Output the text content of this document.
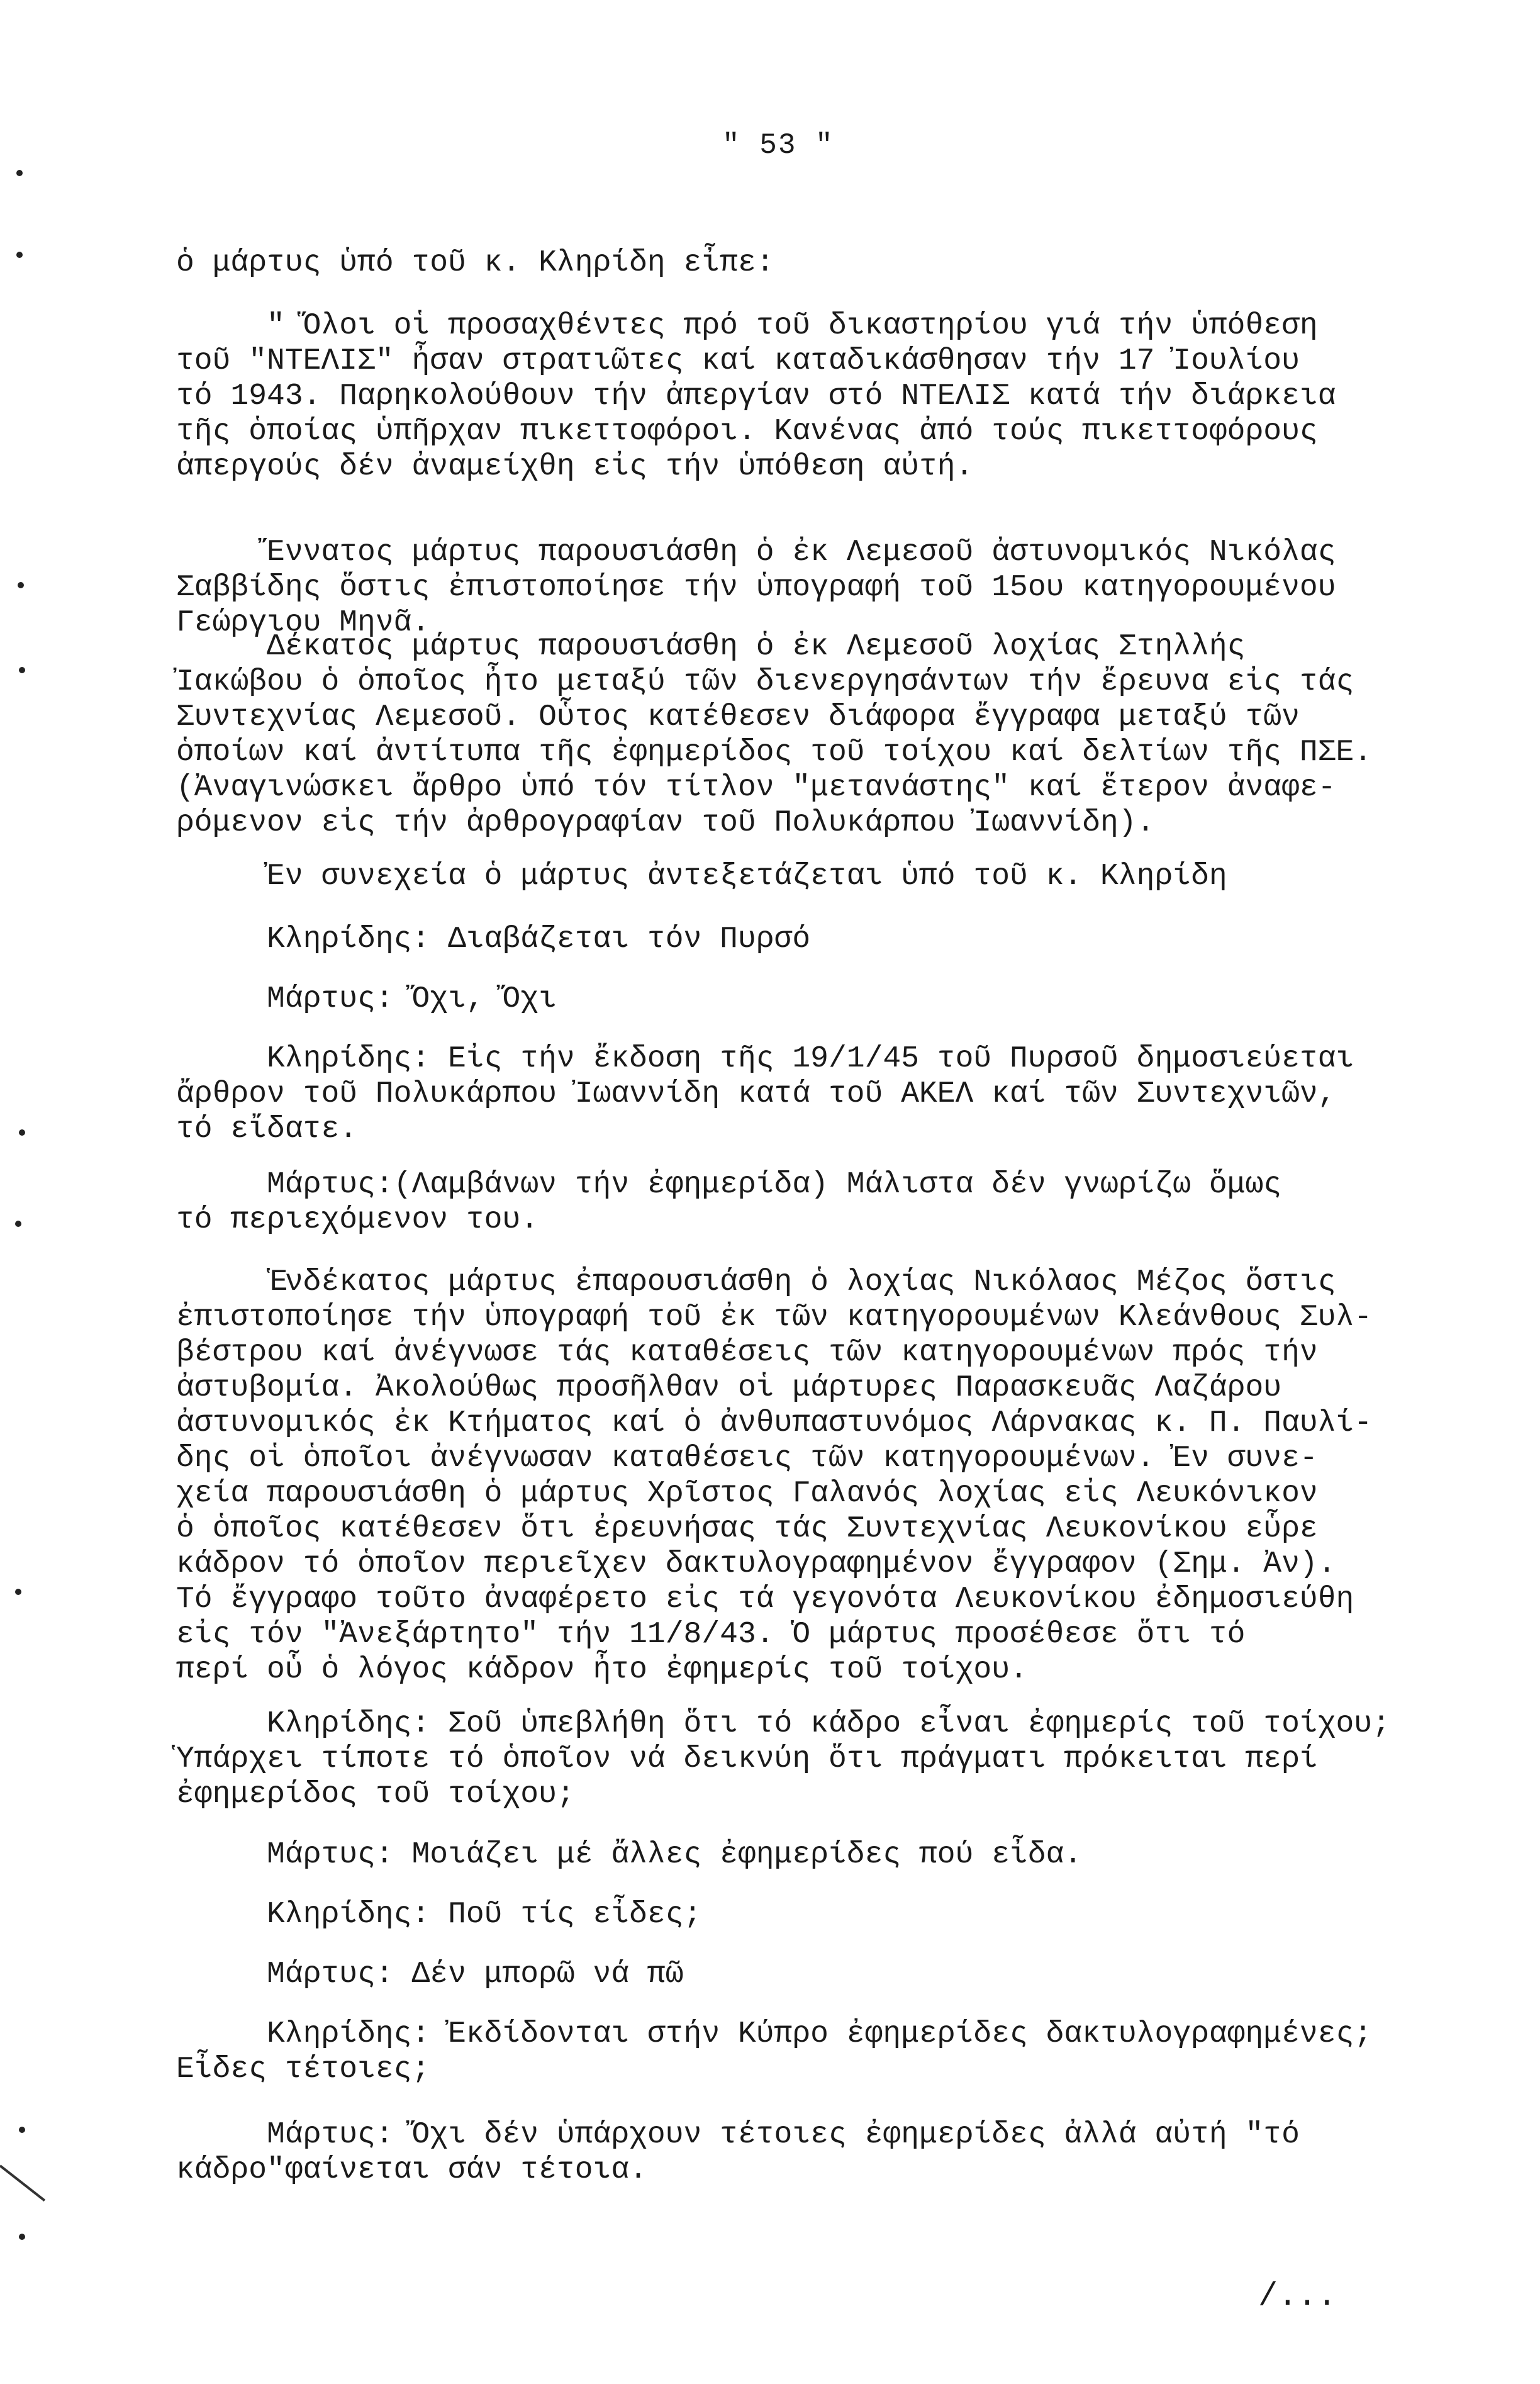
" 53 "
ὁ μάρτυς ὑπό τοῦ κ. Κληρίδη εἶπε:
" Ὅλοι οἱ προσαχθέντες πρό τοῦ δικαστηρίου γιά τήν ὑπόθεση
τοῦ "ΝΤΕΛΙΣ" ἦσαν στρατιῶτες καί καταδικάσθησαν τήν 17 Ἰουλίου
τό 1943. Παρηκολούθουν τήν ἀπεργίαν στό ΝΤΕΛΙΣ κατά τήν διάρκεια
τῆς ὁποίας ὑπῆρχαν πικεττοφόροι. Κανένας ἀπό τούς πικεττοφόρους
ἀπεργούς δέν ἀναμείχθη εἰς τήν ὑπόθεση αὐτή.
Ἔννατος μάρτυς παρουσιάσθη ὁ ἐκ Λεμεσοῦ ἀστυνομικός Νικόλας
Σαββίδης ὅστις ἐπιστοποίησε τήν ὑπογραφή τοῦ 15ου κατηγορουμένου
Γεώργιου Μηνᾶ.
Δέκατος μάρτυς παρουσιάσθη ὁ ἐκ Λεμεσοῦ λοχίας Στηλλής
Ἰακώβου ὁ ὁποῖος ἦτο μεταξύ τῶν διενεργησάντων τήν ἔρευνα εἰς τάς
Συντεχνίας Λεμεσοῦ. Οὗτος κατέθεσεν διάφορα ἔγγραφα μεταξύ τῶν
ὁποίων καί ἀντίτυπα τῆς ἐφημερίδος τοῦ τοίχου καί δελτίων τῆς ΠΣΕ.
(Ἀναγινώσκει ἄρθρο ὑπό τόν τίτλον "μετανάστης" καί ἕτερον ἀναφε-
ρόμενον εἰς τήν ἀρθρογραφίαν τοῦ Πολυκάρπου Ἰωαννίδη).
Ἐν συνεχεία ὁ μάρτυς ἀντεξετάζεται ὑπό τοῦ κ. Κληρίδη
Κληρίδης: Διαβάζεται τόν Πυρσό
Μάρτυς: Ὄχι, Ὄχι
Κληρίδης: Εἰς τήν ἔκδοση τῆς 19/1/45 τοῦ Πυρσοῦ δημοσιεύεται
ἄρθρον τοῦ Πολυκάρπου Ἰωαννίδη κατά τοῦ ΑΚΕΛ καί τῶν Συντεχνιῶν,
τό εἴδατε.
Μάρτυς:(Λαμβάνων τήν ἐφημερίδα) Μάλιστα δέν γνωρίζω ὅμως
τό περιεχόμενον του.
Ἑνδέκατος μάρτυς ἐπαρουσιάσθη ὁ λοχίας Νικόλαος Μέζος ὅστις
ἐπιστοποίησε τήν ὑπογραφή τοῦ ἐκ τῶν κατηγορουμένων Κλεάνθους Συλ-
βέστρου καί ἀνέγνωσε τάς καταθέσεις τῶν κατηγορουμένων πρός τήν
ἀστυβομία. Ἀκολούθως προσῆλθαν οἱ μάρτυρες Παρασκευᾶς Λαζάρου
ἀστυνομικός ἐκ Κτήματος καί ὁ ἀνθυπαστυνόμος Λάρνακας κ. Π. Παυλί-
δης οἱ ὁποῖοι ἀνέγνωσαν καταθέσεις τῶν κατηγορουμένων. Ἐν συνε-
χεία παρουσιάσθη ὁ μάρτυς Χρῖστος Γαλανός λοχίας εἰς Λευκόνικον
ὁ ὁποῖος κατέθεσεν ὅτι ἐρευνήσας τάς Συντεχνίας Λευκονίκου εὗρε
κάδρον τό ὁποῖον περιεῖχεν δακτυλογραφημένον ἔγγραφον (Σημ. Ἀν).
Τό ἔγγραφο τοῦτο ἀναφέρετο εἰς τά γεγονότα Λευκονίκου ἐδημοσιεύθη
εἰς τόν "Ἀνεξάρτητο" τήν 11/8/43. Ὁ μάρτυς προσέθεσε ὅτι τό
περί οὗ ὁ λόγος κάδρον ἦτο ἐφημερίς τοῦ τοίχου.
Κληρίδης: Σοῦ ὑπεβλήθη ὅτι τό κάδρο εἶναι ἐφημερίς τοῦ τοίχου;
Ὑπάρχει τίποτε τό ὁποῖον νά δεικνύη ὅτι πράγματι πρόκειται περί
ἐφημερίδος τοῦ τοίχου;
Μάρτυς: Μοιάζει μέ ἄλλες ἐφημερίδες πού εἶδα.
Κληρίδης: Ποῦ τίς εἶδες;
Μάρτυς: Δέν μπορῶ νά πῶ
Κληρίδης: Ἐκδίδονται στήν Κύπρο ἐφημερίδες δακτυλογραφημένες;
Εἶδες τέτοιες;
Μάρτυς: Ὄχι δέν ὑπάρχουν τέτοιες ἐφημερίδες ἀλλά αὐτή "τό
κάδρο"φαίνεται σάν τέτοια.
/...
